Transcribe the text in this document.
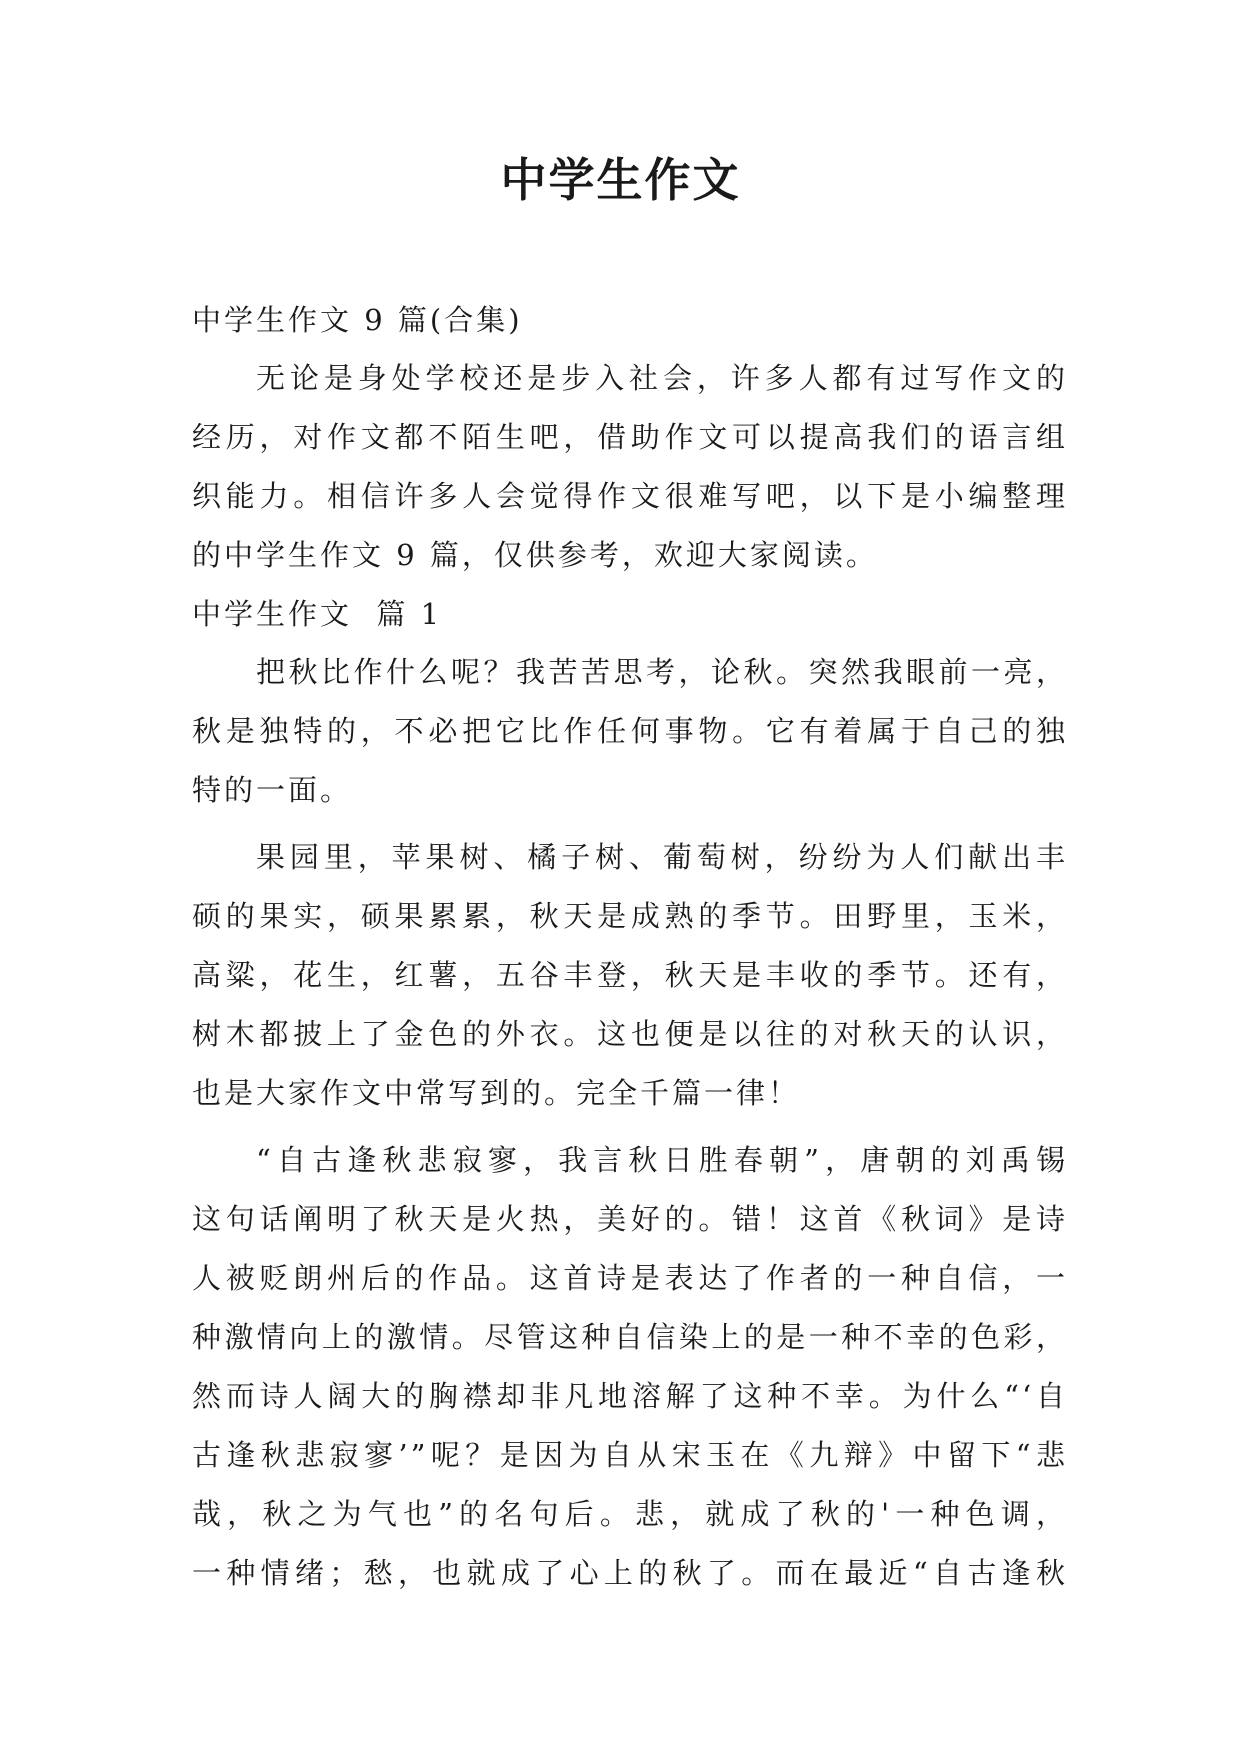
中学生作文

中学生作文 9 篇(合集)

无论是身处学校还是步入社会，许多人都有过写作文的
经历，对作文都不陌生吧，借助作文可以提高我们的语言组
织能力。相信许多人会觉得作文很难写吧，以下是小编整理
的中学生作文 9 篇，仅供参考，欢迎大家阅读。

中学生作文  篇 1

把秋比作什么呢？我苦苦思考，论秋。突然我眼前一亮，
秋是独特的，不必把它比作任何事物。它有着属于自己的独
特的一面。
果园里，苹果树、橘子树、葡萄树，纷纷为人们献出丰
硕的果实，硕果累累，秋天是成熟的季节。田野里，玉米，
高粱，花生，红薯，五谷丰登，秋天是丰收的季节。还有，
树木都披上了金色的外衣。这也便是以往的对秋天的认识，
也是大家作文中常写到的。完全千篇一律！
“自古逢秋悲寂寥，我言秋日胜春朝”，唐朝的刘禹锡
这句话阐明了秋天是火热，美好的。错！这首《秋词》是诗
人被贬朗州后的作品。这首诗是表达了作者的一种自信，一
种激情向上的激情。尽管这种自信染上的是一种不幸的色彩，
然而诗人阔大的胸襟却非凡地溶解了这种不幸。为什么“‘自
古逢秋悲寂寥’”呢？是因为自从宋玉在《九辩》中留下“悲
哉，秋之为气也”的名句后。悲，就成了秋的'一种色调，
一种情绪；愁，也就成了心上的秋了。而在最近“自古逢秋
